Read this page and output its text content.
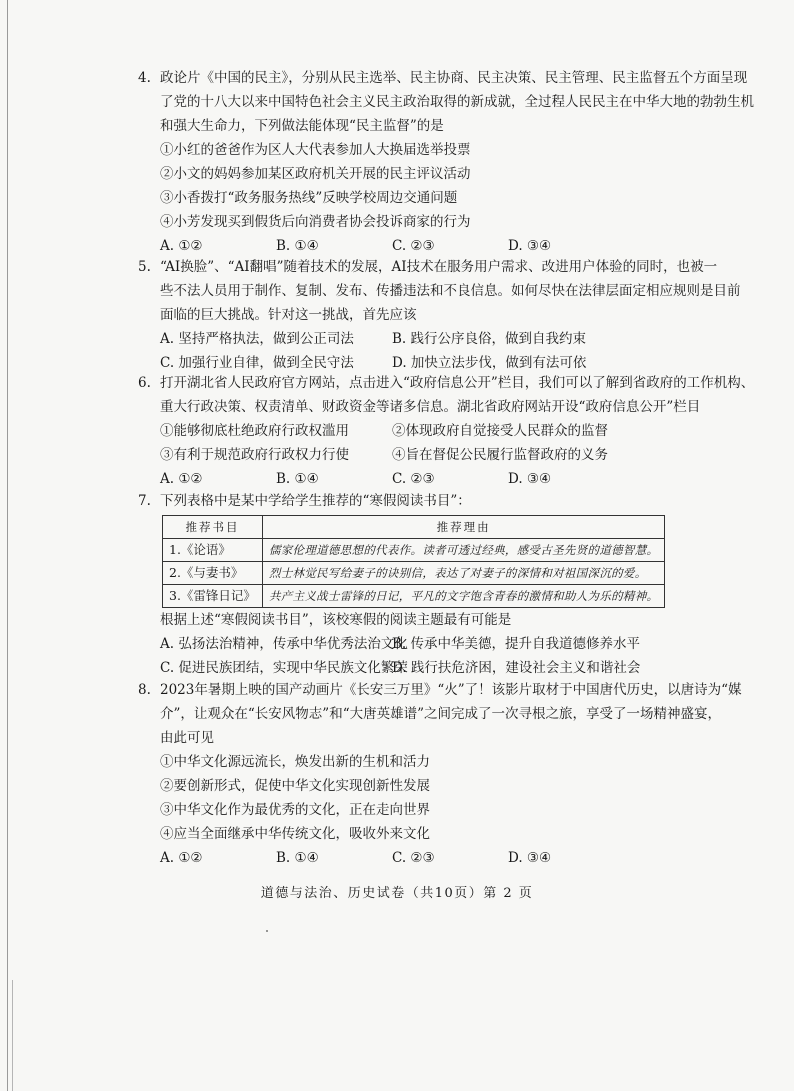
4. 政论片《中国的民主》，分别从民主选举、民主协商、民主决策、民主管理、民主监督五个方面呈现
了党的十八大以来中国特色社会主义民主政治取得的新成就，全过程人民民主在中华大地的勃勃生机
和强大生命力，下列做法能体现“民主监督”的是
①小红的爸爸作为区人大代表参加人大换届选举投票
②小文的妈妈参加某区政府机关开展的民主评议活动
③小香拨打“政务服务热线”反映学校周边交通问题
④小芳发现买到假货后向消费者协会投诉商家的行为
A. ①②	B. ①④	C. ②③	D. ③④
5. “AI换脸”、“AI翻唱”随着技术的发展，AI技术在服务用户需求、改进用户体验的同时，也被一
些不法人员用于制作、复制、发布、传播违法和不良信息。如何尽快在法律层面定相应规则是目前
面临的巨大挑战。针对这一挑战，首先应该
A. 坚持严格执法，做到公正司法	B. 践行公序良俗，做到自我约束
C. 加强行业自律，做到全民守法	D. 加快立法步伐，做到有法可依
6. 打开湖北省人民政府官方网站，点击进入“政府信息公开”栏目，我们可以了解到省政府的工作机构、
重大行政决策、权责清单、财政资金等诸多信息。湖北省政府网站开设“政府信息公开”栏目
①能够彻底杜绝政府行政权滥用	②体现政府自觉接受人民群众的监督
③有利于规范政府行政权力行使	④旨在督促公民履行监督政府的义务
A. ①②	B. ①④	C. ②③	D. ③④
7. 下列表格中是某中学给学生推荐的“寒假阅读书目”：
推荐书目	推荐理由
1.《论语》	儒家伦理道德思想的代表作。读者可透过经典，感受古圣先贤的道德智慧。
2.《与妻书》	烈士林觉民写给妻子的诀别信，表达了对妻子的深情和对祖国深沉的爱。
3.《雷锋日记》	共产主义战士雷锋的日记，平凡的文字饱含青春的激情和助人为乐的精神。
根据上述“寒假阅读书目”，该校寒假的阅读主题最有可能是
A. 弘扬法治精神，传承中华优秀法治文化
B. 传承中华美德，提升自我道德修养水平
C. 促进民族团结，实现中华民族文化繁荣
D. 践行扶危济困，建设社会主义和谐社会
8. 2023年暑期上映的国产动画片《长安三万里》“火”了！该影片取材于中国唐代历史，以唐诗为“媒
介”，让观众在“长安风物志”和“大唐英雄谱”之间完成了一次寻根之旅，享受了一场精神盛宴，
由此可见
①中华文化源远流长，焕发出新的生机和活力
②要创新形式，促使中华文化实现创新性发展
③中华文化作为最优秀的文化，正在走向世界
④应当全面继承中华传统文化，吸收外来文化
A. ①②	B. ①④	C. ②③	D. ③④
道德与法治、历史试卷（共10页）第 2 页
